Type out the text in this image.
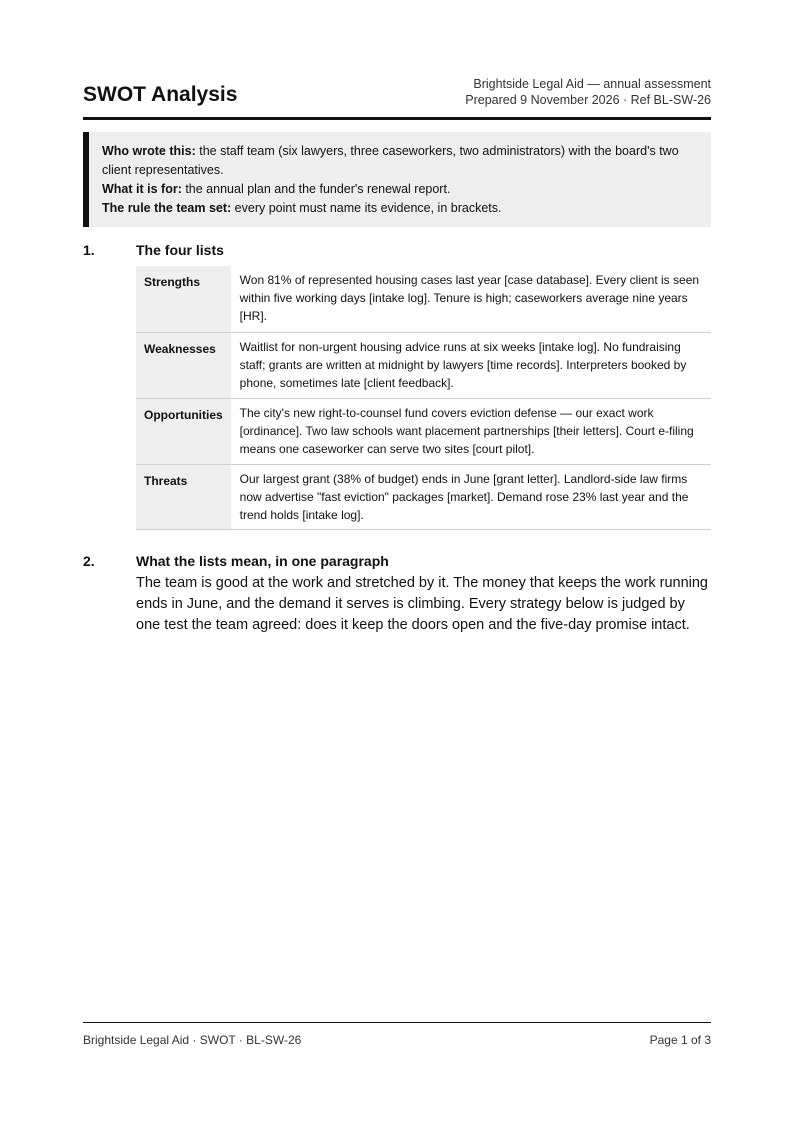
SWOT Analysis	Brightside Legal Aid — annual assessment
Prepared 9 November 2026 · Ref BL-SW-26

Who wrote this: the staff team (six lawyers, three caseworkers, two administrators) with the board's two client representatives.

What it is for: the annual plan and the funder's renewal report.

The rule the team set: every point must name its evidence, in brackets.

1.	The four lists
Strengths	Won 81% of represented housing cases last year [case database]. Every client is seen within five working days [intake log]. Tenure is high; caseworkers average nine years [HR].
Weaknesses	Waitlist for non-urgent housing advice runs at six weeks [intake log]. No fundraising staff; grants are written at midnight by lawyers [time records]. Interpreters booked by phone, sometimes late [client feedback].
Opportunities	The city's new right-to-counsel fund covers eviction defense — our exact work [ordinance]. Two law schools want placement partnerships [their letters]. Court e-filing means one caseworker can serve two sites [court pilot].
Threats	Our largest grant (38% of budget) ends in June [grant letter]. Landlord-side law firms now advertise "fast eviction" packages [market]. Demand rose 23% last year and the trend holds [intake log].
2.	What the lists mean, in one paragraph

The team is good at the work and stretched by it. The money that keeps the work running ends in June, and the demand it serves is climbing. Every strategy below is judged by one test the team agreed: does it keep the doors open and the five-day promise intact.

Brightside Legal Aid · SWOT · BL-SW-26	Page 1 of 3
